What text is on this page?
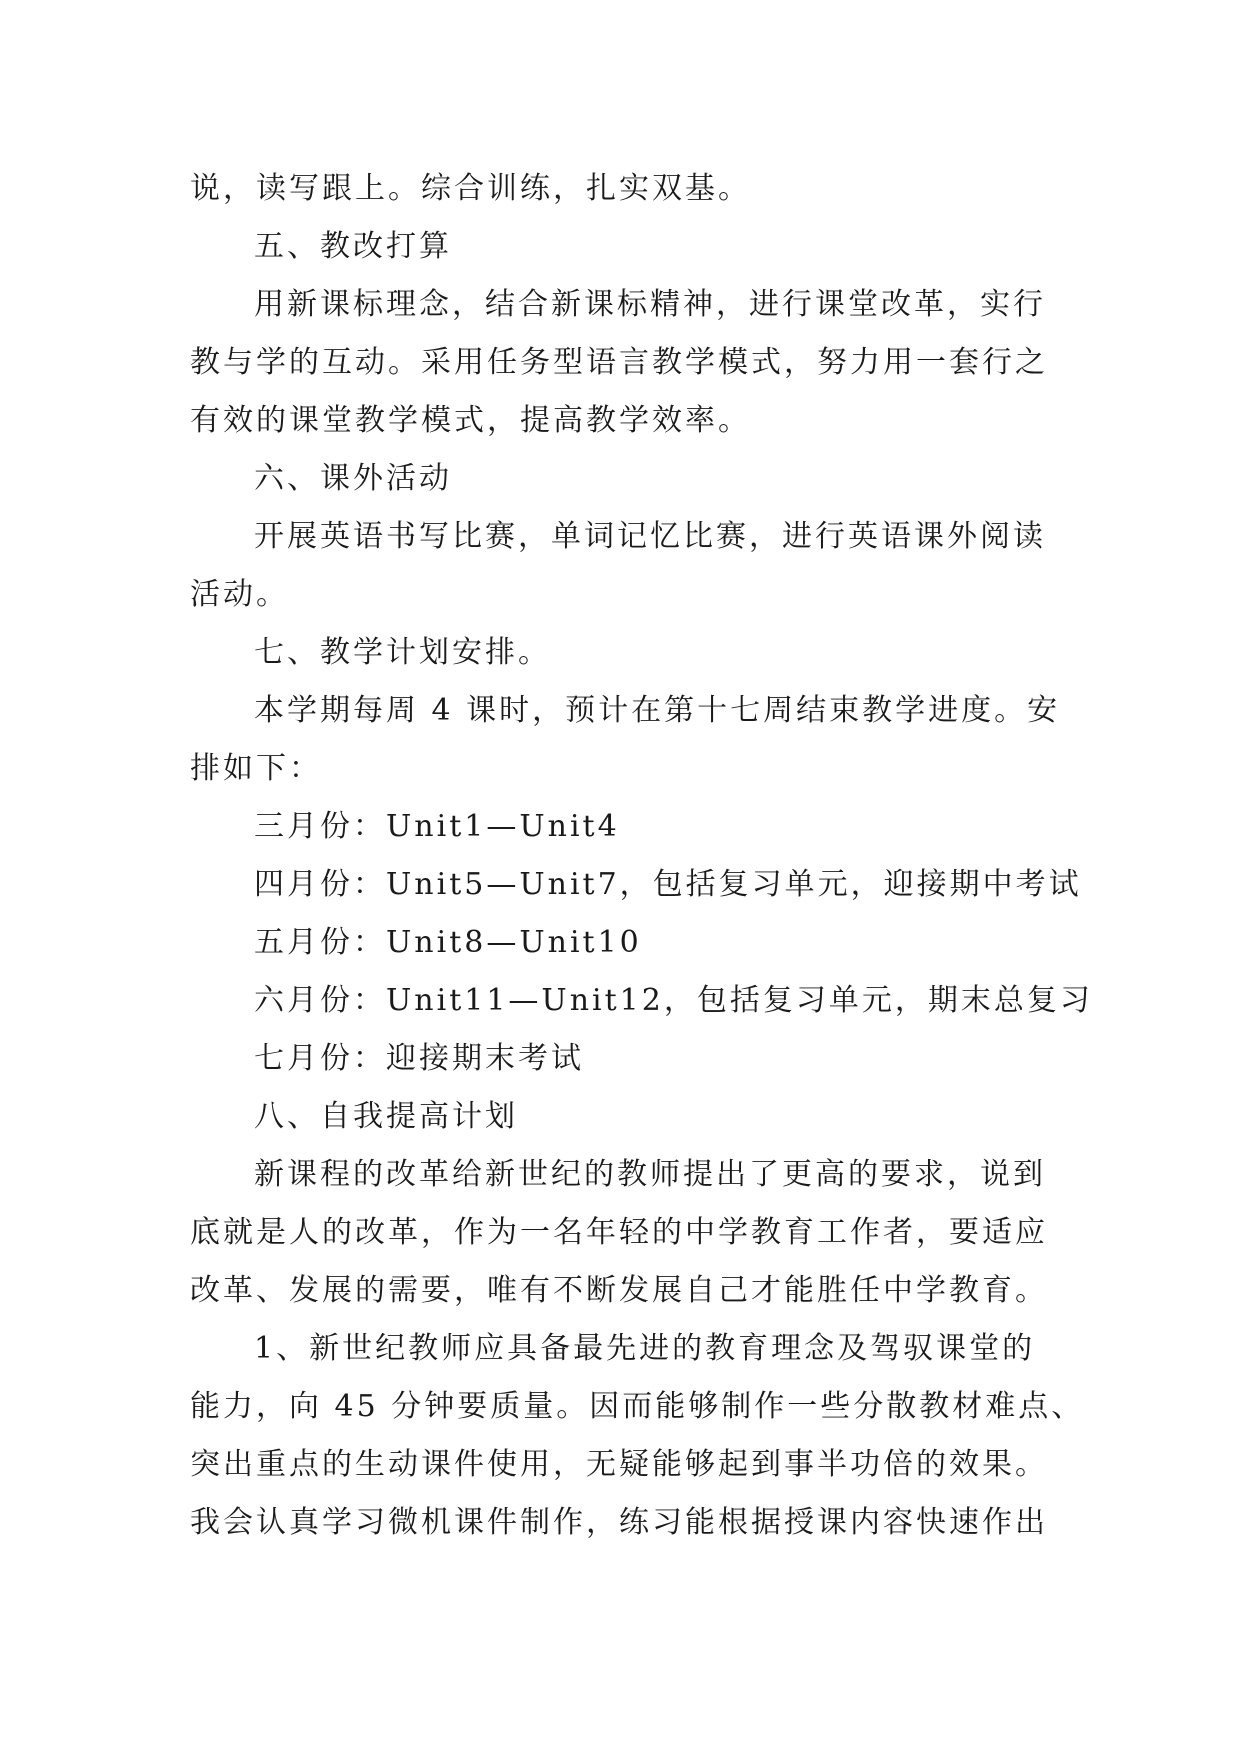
说，读写跟上。综合训练，扎实双基。
五、教改打算
用新课标理念，结合新课标精神，进行课堂改革，实行
教与学的互动。采用任务型语言教学模式，努力用一套行之
有效的课堂教学模式，提高教学效率。
六、课外活动
开展英语书写比赛，单词记忆比赛，进行英语课外阅读
活动。
七、教学计划安排。
本学期每周 4 课时，预计在第十七周结束教学进度。安
排如下：
三月份：Unit1—Unit4
四月份：Unit5—Unit7，包括复习单元，迎接期中考试
五月份：Unit8—Unit10
六月份：Unit11—Unit12，包括复习单元，期末总复习
七月份：迎接期末考试
八、自我提高计划
新课程的改革给新世纪的教师提出了更高的要求，说到
底就是人的改革，作为一名年轻的中学教育工作者，要适应
改革、发展的需要，唯有不断发展自己才能胜任中学教育。
1、新世纪教师应具备最先进的教育理念及驾驭课堂的
能力，向 45 分钟要质量。因而能够制作一些分散教材难点、
突出重点的生动课件使用，无疑能够起到事半功倍的效果。
我会认真学习微机课件制作，练习能根据授课内容快速作出
